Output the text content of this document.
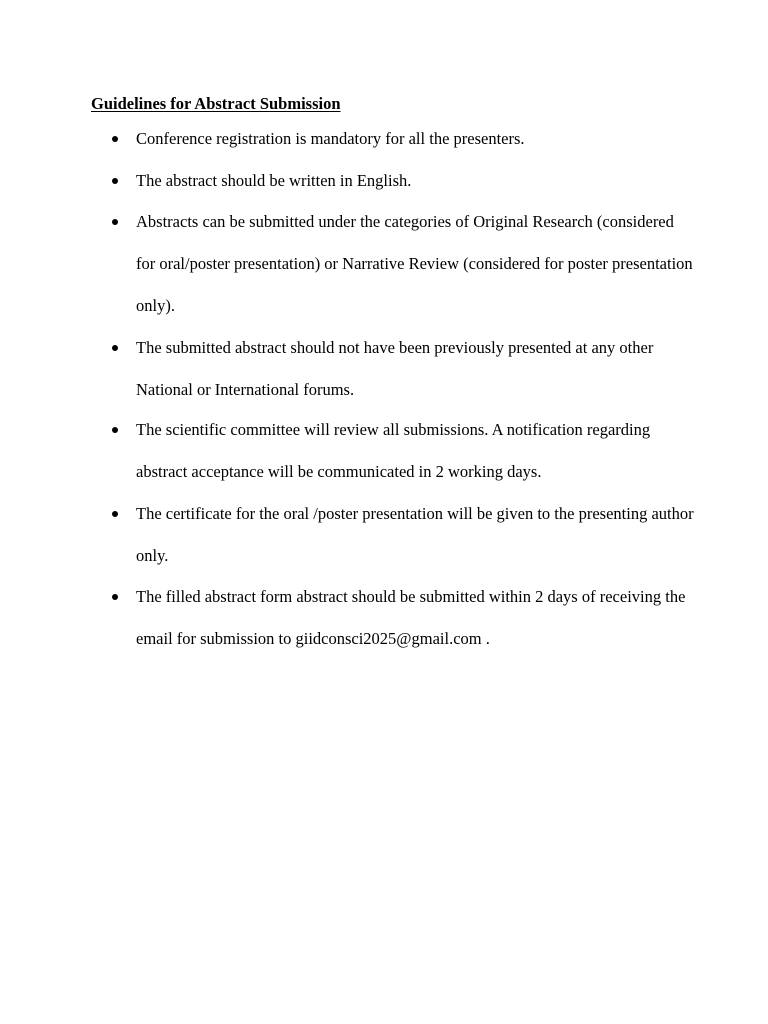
Guidelines for Abstract Submission
Conference registration is mandatory for all the presenters.
The abstract should be written in English.
Abstracts can be submitted under the categories of Original Research (considered for oral/poster presentation) or Narrative Review (considered for poster presentation only).
The submitted abstract should not have been previously presented at any other National or International forums.
The scientific committee will review all submissions. A notification regarding abstract acceptance will be communicated in 2 working days.
The certificate for the oral /poster presentation will be given to the presenting author only.
The filled abstract form abstract should be submitted within 2 days of receiving the email for submission to giidconsci2025@gmail.com .
